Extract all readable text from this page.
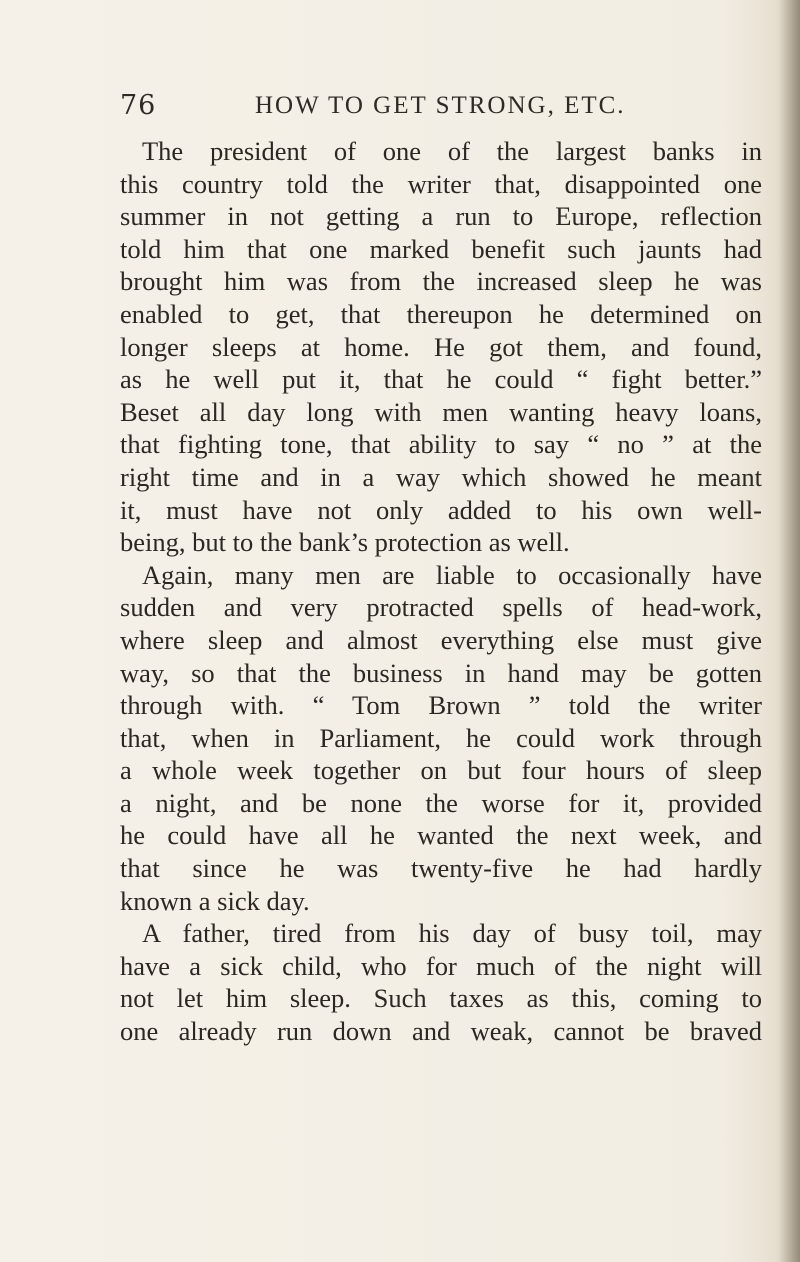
76	HOW TO GET STRONG, ETC.
The president of one of the largest banks in
this country told the writer that, disappointed one
summer in not getting a run to Europe, reflection
told him that one marked benefit such jaunts had
brought him was from the increased sleep he was
enabled to get, that thereupon he determined on
longer sleeps at home. He got them, and found,
as he well put it, that he could “ fight better.”
Beset all day long with men wanting heavy loans,
that fighting tone, that ability to say “ no ” at the
right time and in a way which showed he meant
it, must have not only added to his own well-
being, but to the bank’s protection as well.
Again, many men are liable to occasionally have
sudden and very protracted spells of head-work,
where sleep and almost everything else must give
way, so that the business in hand may be gotten
through with. “ Tom Brown ” told the writer
that, when in Parliament, he could work through
a whole week together on but four hours of sleep
a night, and be none the worse for it, provided
he could have all he wanted the next week, and
that since he was twenty-five he had hardly
known a sick day.
A father, tired from his day of busy toil, may
have a sick child, who for much of the night will
not let him sleep. Such taxes as this, coming to
one already run down and weak, cannot be braved
